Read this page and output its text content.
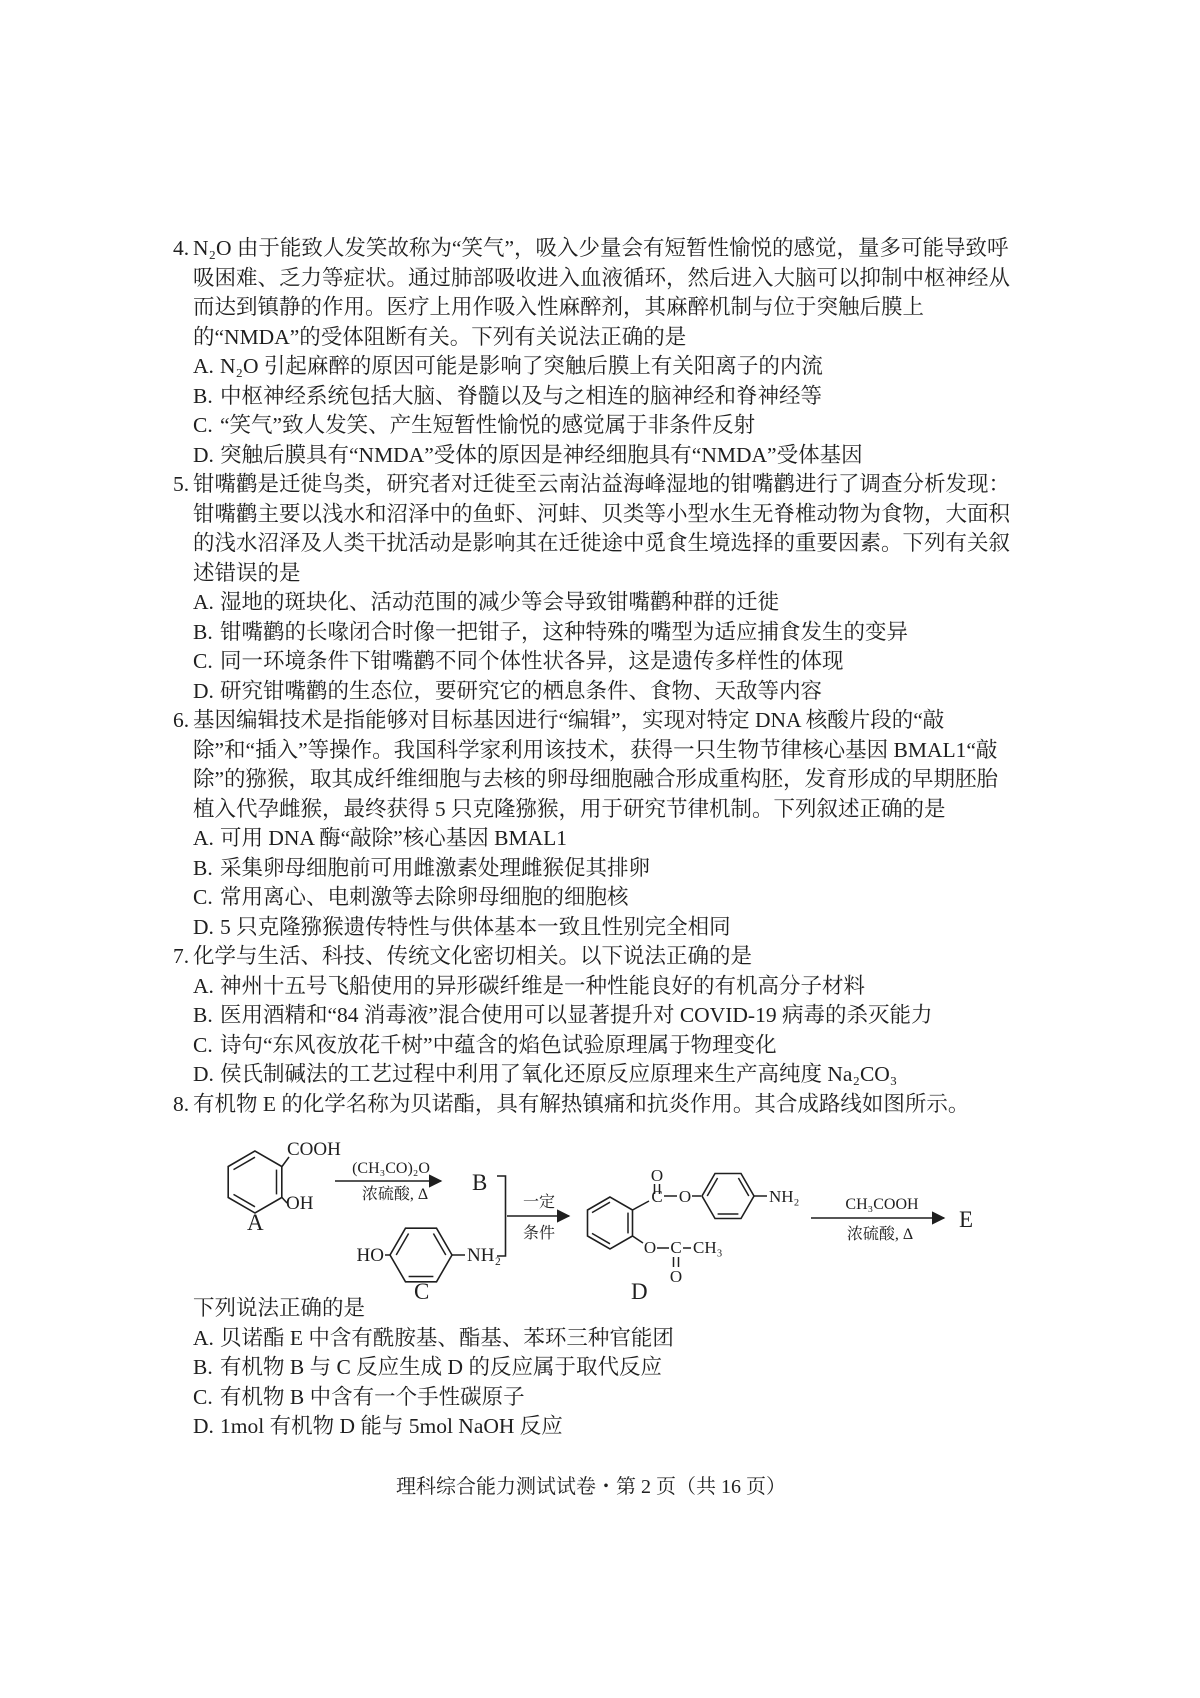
4. N₂O 由于能致人发笑故称为“笑气”，吸入少量会有短暂性愉悦的感觉，量多可能导致呼吸困难、乏力等症状。通过肺部吸收进入血液循环，然后进入大脑可以抑制中枢神经从而达到镇静的作用。医疗上用作吸入性麻醉剂，其麻醉机制与位于突触后膜上的“NMDA”的受体阻断有关。下列有关说法正确的是

A. N₂O 引起麻醉的原因可能是影响了突触后膜上有关阳离子的内流

B. 中枢神经系统包括大脑、脊髓以及与之相连的脑神经和脊神经等

C. “笑气”致人发笑、产生短暂性愉悦的感觉属于非条件反射

D. 突触后膜具有“NMDA”受体的原因是神经细胞具有“NMDA”受体基因

5. 钳嘴鹳是迁徙鸟类，研究者对迁徙至云南沾益海峰湿地的钳嘴鹳进行了调查分析发现：钳嘴鹳主要以浅水和沼泽中的鱼虾、河蚌、贝类等小型水生无脊椎动物为食物，大面积的浅水沼泽及人类干扰活动是影响其在迁徙途中觅食生境选择的重要因素。下列有关叙述错误的是

A. 湿地的斑块化、活动范围的减少等会导致钳嘴鹳种群的迁徙

B. 钳嘴鹳的长喙闭合时像一把钳子，这种特殊的嘴型为适应捕食发生的变异

C. 同一环境条件下钳嘴鹳不同个体性状各异，这是遗传多样性的体现

D. 研究钳嘴鹳的生态位，要研究它的栖息条件、食物、天敌等内容

6. 基因编辑技术是指能够对目标基因进行“编辑”，实现对特定 DNA 核酸片段的“敲除”和“插入”等操作。我国科学家利用该技术，获得一只生物节律核心基因 BMAL1“敲除”的猕猴，取其成纤维细胞与去核的卵母细胞融合形成重构胚，发育形成的早期胚胎植入代孕雌猴，最终获得 5 只克隆猕猴，用于研究节律机制。下列叙述正确的是

A. 可用 DNA 酶“敲除”核心基因 BMAL1

B. 采集卵母细胞前可用雌激素处理雌猴促其排卵

C. 常用离心、电刺激等去除卵母细胞的细胞核

D. 5 只克隆猕猴遗传特性与供体基本一致且性别完全相同

7. 化学与生活、科技、传统文化密切相关。以下说法正确的是

A. 神州十五号飞船使用的异形碳纤维是一种性能良好的有机高分子材料

B. 医用酒精和“84 消毒液”混合使用可以显著提升对 COVID-19 病毒的杀灭能力

C. 诗句“东风夜放花千树”中蕴含的焰色试验原理属于物理变化

D. 侯氏制碱法的工艺过程中利用了氧化还原反应原理来生产高纯度 Na₂CO₃

8. 有机物 E 的化学名称为贝诺酯，具有解热镇痛和抗炎作用。其合成路线如图所示。

COOH
OH
A
(CH₃CO)₂O
浓硫酸, Δ B
HO	NH₂
C
一定
条件
O
C O	NH₂
O C CH₃
O
D
CH₃COOH
浓硫酸, Δ
E

下列说法正确的是

A. 贝诺酯 E 中含有酰胺基、酯基、苯环三种官能团

B. 有机物 B 与 C 反应生成 D 的反应属于取代反应

C. 有机物 B 中含有一个手性碳原子

D. 1mol 有机物 D 能与 5mol NaOH 反应

理科综合能力测试试卷・第 2 页（共 16 页）
